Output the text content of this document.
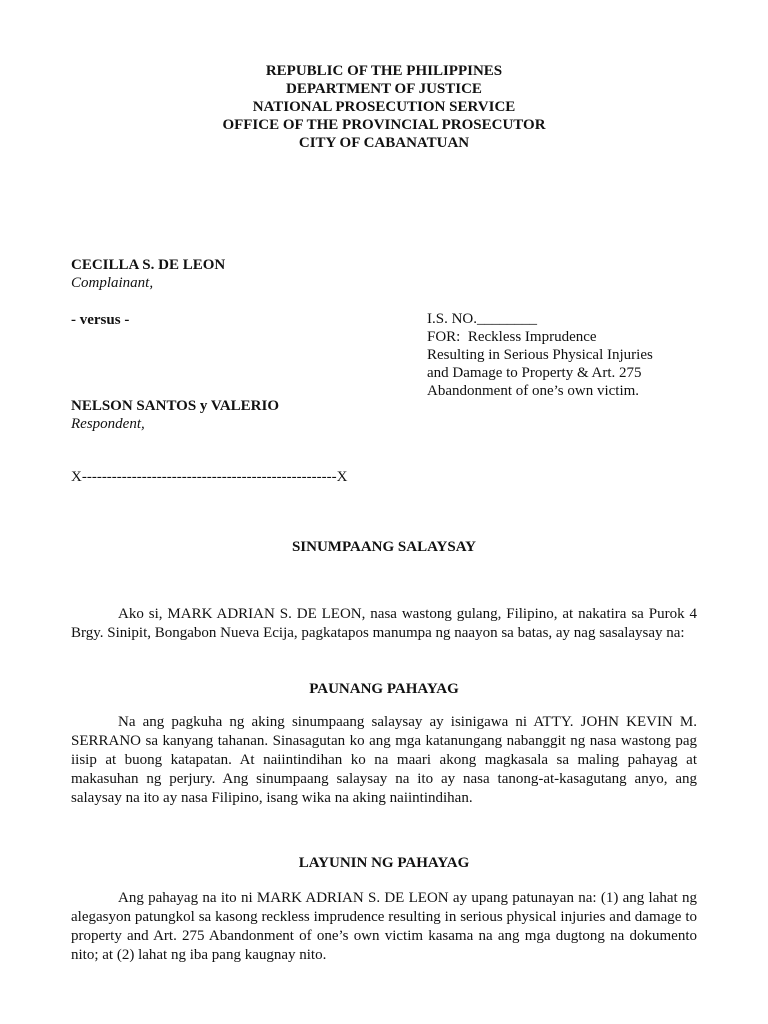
REPUBLIC OF THE PHILIPPINES
DEPARTMENT OF JUSTICE
NATIONAL PROSECUTION SERVICE
OFFICE OF THE PROVINCIAL PROSECUTOR
CITY OF CABANATUAN
CECILLA S. DE LEON
Complainant,
- versus -
NELSON SANTOS y VALERIO
Respondent,
I.S. NO.________
FOR: Reckless Imprudence
Resulting in Serious Physical Injuries
and Damage to Property & Art. 275
Abandonment of one’s own victim.
X---------------------------------------------------X
SINUMPAANG SALAYSAY
Ako si, MARK ADRIAN S. DE LEON, nasa wastong gulang, Filipino, at nakatira sa Purok 4 Brgy. Sinipit, Bongabon Nueva Ecija, pagkatapos manumpa ng naayon sa batas, ay nag sasalaysay na:
PAUNANG PAHAYAG
Na ang pagkuha ng aking sinumpaang salaysay ay isinigawa ni ATTY. JOHN KEVIN M. SERRANO sa kanyang tahanan. Sinasagutan ko ang mga katanungang nabanggit ng nasa wastong pag iisip at buong katapatan. At naiintindihan ko na maari akong magkasala sa maling pahayag at makasuhan ng perjury. Ang sinumpaang salaysay na ito ay nasa tanong-at-kasagutang anyo, ang salaysay na ito ay nasa Filipino, isang wika na aking naiintindihan.
LAYUNIN NG PAHAYAG
Ang pahayag na ito ni MARK ADRIAN S. DE LEON ay upang patunayan na: (1) ang lahat ng alegasyon patungkol sa kasong reckless imprudence resulting in serious physical injuries and damage to property and Art. 275 Abandonment of one’s own victim kasama na ang mga dugtong na dokumento nito; at (2) lahat ng iba pang kaugnay nito.
